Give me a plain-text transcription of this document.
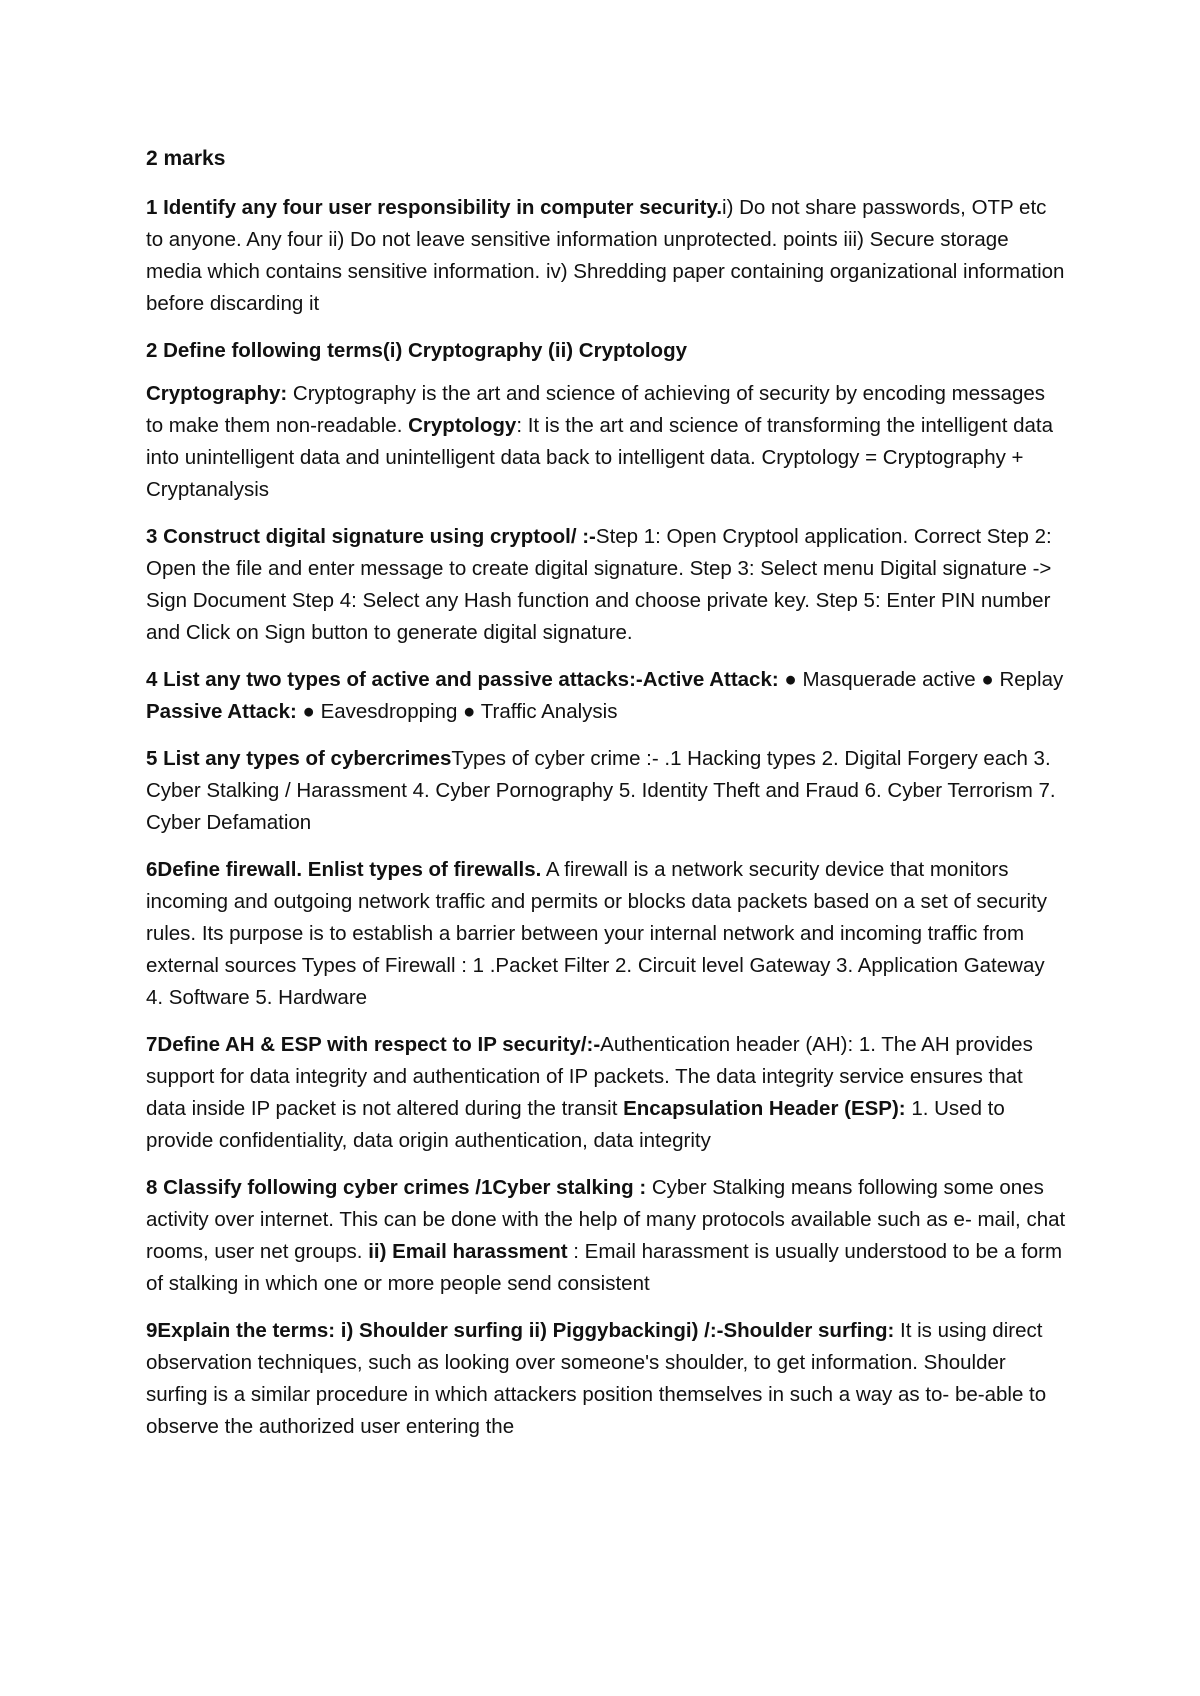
2 marks

1 Identify any four user responsibility in computer security.i) Do not share passwords, OTP etc to anyone. Any four ii) Do not leave sensitive information unprotected. points iii) Secure storage media which contains sensitive information. iv) Shredding paper containing organizational information before discarding it

2 Define following terms(i) Cryptography (ii) Cryptology

Cryptography: Cryptography is the art and science of achieving of security by encoding messages to make them non-readable. Cryptology: It is the art and science of transforming the intelligent data into unintelligent data and unintelligent data back to intelligent data. Cryptology = Cryptography + Cryptanalysis

3 Construct digital signature using cryptool/ :-Step 1: Open Cryptool application. Correct Step 2: Open the file and enter message to create digital signature. Step 3: Select menu Digital signature -> Sign Document Step 4: Select any Hash function and choose private key. Step 5: Enter PIN number and Click on Sign button to generate digital signature.

4 List any two types of active and passive attacks:-Active Attack: ● Masquerade active ● Replay Passive Attack: ● Eavesdropping ● Traffic Analysis

5 List any types of cybercrimesTypes of cyber crime :- .1 Hacking types 2. Digital Forgery each 3. Cyber Stalking / Harassment 4. Cyber Pornography 5. Identity Theft and Fraud 6. Cyber Terrorism 7. Cyber Defamation

6Define firewall. Enlist types of firewalls. A firewall is a network security device that monitors incoming and outgoing network traffic and permits or blocks data packets based on a set of security rules. Its purpose is to establish a barrier between your internal network and incoming traffic from external sources Types of Firewall : 1 .Packet Filter 2. Circuit level Gateway 3. Application Gateway 4. Software 5. Hardware

7Define AH & ESP with respect to IP security/:-Authentication header (AH): 1. The AH provides support for data integrity and authentication of IP packets. The data integrity service ensures that data inside IP packet is not altered during the transit Encapsulation Header (ESP): 1. Used to provide confidentiality, data origin authentication, data integrity

8 Classify following cyber crimes /1Cyber stalking : Cyber Stalking means following some ones activity over internet. This can be done with the help of many protocols available such as e- mail, chat rooms, user net groups. ii) Email harassment : Email harassment is usually understood to be a form of stalking in which one or more people send consistent

9Explain the terms: i) Shoulder surfing ii) Piggybackingi) /:-Shoulder surfing: It is using direct observation techniques, such as looking over someone's shoulder, to get information. Shoulder surfing is a similar procedure in which attackers position themselves in such a way as to- be-able to observe the authorized user entering the
